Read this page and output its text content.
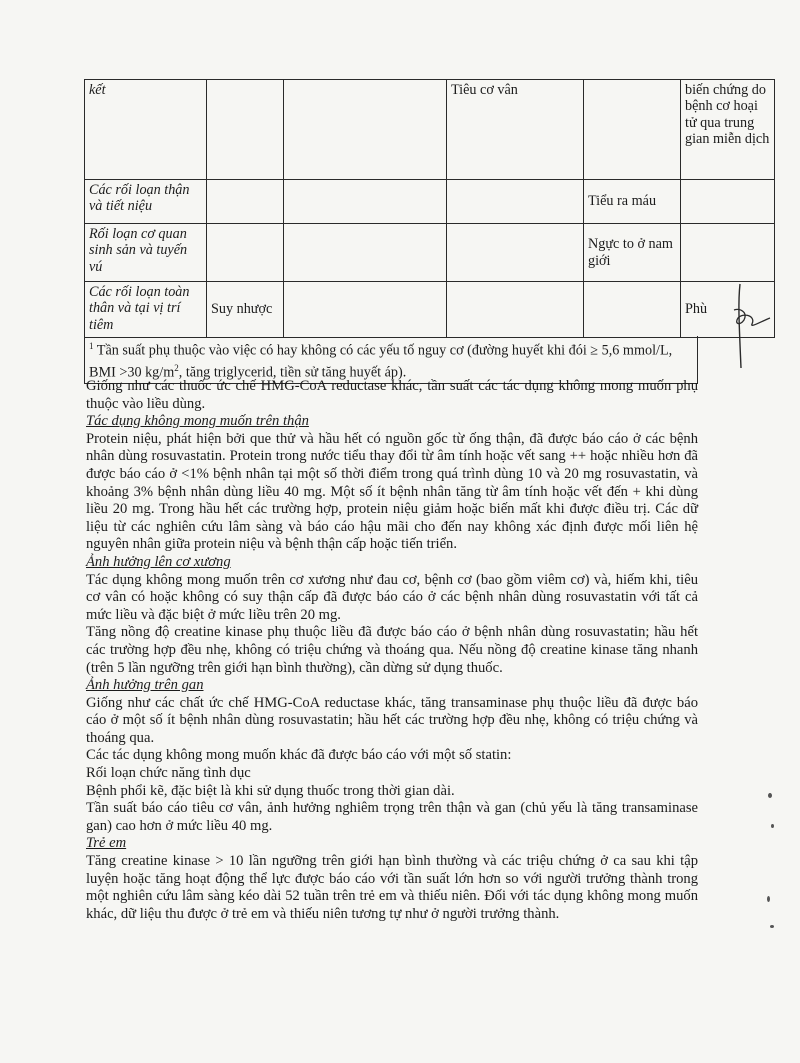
kết			Tiêu cơ vân		biến chứng do bệnh cơ hoại tử qua trung gian miễn dịch
Các rối loạn thận và tiết niệu				Tiểu ra máu	
Rối loạn cơ quan sinh sản và tuyến vú				Ngực to ở nam giới	
Các rối loạn toàn thân và tại vị trí tiêm	Suy nhược				Phù
$^1$ Tần suất phụ thuộc vào việc có hay không có các yếu tố nguy cơ (đường huyết khi đói ≥ 5,6 mmol/L, BMI >30 $kg/m^2$, tăng triglycerid, tiền sử tăng huyết áp).

Giống như các thuốc ức chế HMG-CoA reductase khác, tần suất các tác dụng không mong muốn phụ thuộc vào liều dùng.

Tác dụng không mong muốn trên thận

Protein niệu, phát hiện bởi que thử và hầu hết có nguồn gốc từ ống thận, đã được báo cáo ở các bệnh nhân dùng rosuvastatin. Protein trong nước tiểu thay đổi từ âm tính hoặc vết sang ++ hoặc nhiều hơn đã được báo cáo ở <1% bệnh nhân tại một số thời điểm trong quá trình dùng 10 và 20 mg rosuvastatin, và khoảng 3% bệnh nhân dùng liều 40 mg. Một số ít bệnh nhân tăng từ âm tính hoặc vết đến + khi dùng liều 20 mg. Trong hầu hết các trường hợp, protein niệu giảm hoặc biến mất khi được điều trị. Các dữ liệu từ các nghiên cứu lâm sàng và báo cáo hậu mãi cho đến nay không xác định được mối liên hệ nguyên nhân giữa protein niệu và bệnh thận cấp hoặc tiến triển.

Ảnh hưởng lên cơ xương

Tác dụng không mong muốn trên cơ xương như đau cơ, bệnh cơ (bao gồm viêm cơ) và, hiếm khi, tiêu cơ vân có hoặc không có suy thận cấp đã được báo cáo ở các bệnh nhân dùng rosuvastatin với tất cả mức liều và đặc biệt ở mức liều trên 20 mg.

Tăng nồng độ creatine kinase phụ thuộc liều đã được báo cáo ở bệnh nhân dùng rosuvastatin; hầu hết các trường hợp đều nhẹ, không có triệu chứng và thoáng qua. Nếu nồng độ creatine kinase tăng nhanh (trên 5 lần ngưỡng trên giới hạn bình thường), cần dừng sử dụng thuốc.

Ảnh hưởng trên gan

Giống như các chất ức chế HMG-CoA reductase khác, tăng transaminase phụ thuộc liều đã được báo cáo ở một số ít bệnh nhân dùng rosuvastatin; hầu hết các trường hợp đều nhẹ, không có triệu chứng và thoáng qua.

Các tác dụng không mong muốn khác đã được báo cáo với một số statin:

Rối loạn chức năng tình dục

Bệnh phổi kẽ, đặc biệt là khi sử dụng thuốc trong thời gian dài.

Tần suất báo cáo tiêu cơ vân, ảnh hưởng nghiêm trọng trên thận và gan (chủ yếu là tăng transaminase gan) cao hơn ở mức liều 40 mg.

Trẻ em

Tăng creatine kinase > 10 lần ngưỡng trên giới hạn bình thường và các triệu chứng ở ca sau khi tập luyện hoặc tăng hoạt động thể lực được báo cáo với tần suất lớn hơn so với người trưởng thành trong một nghiên cứu lâm sàng kéo dài 52 tuần trên trẻ em và thiếu niên. Đối với tác dụng không mong muốn khác, dữ liệu thu được ở trẻ em và thiếu niên tương tự như ở người trưởng thành.
